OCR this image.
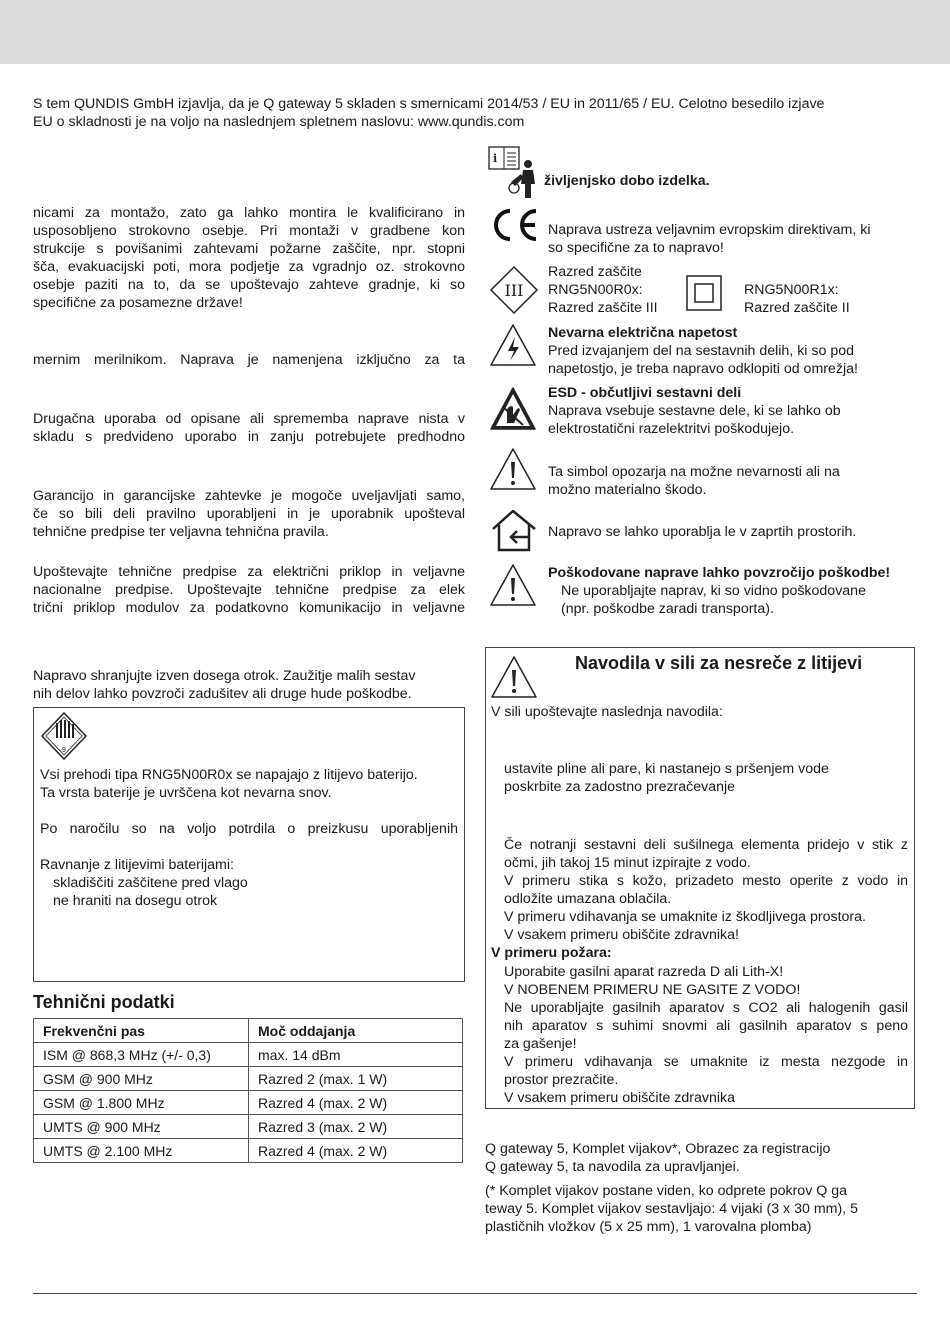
S tem QUNDIS GmbH izjavlja, da je Q gateway 5 skladen s smernicami 2014/53 / EU in 2011/65 / EU. Celotno besedilo izjave
EU o skladnosti je na voljo na naslednjem spletnem naslovu: www.qundis.com
nicami za montažo, zato ga lahko montira le kvalificirano in
usposobljeno strokovno osebje. Pri montaži v gradbene kon
strukcije s povišanimi zahtevami požarne zaščite, npr. stopni
šča, evakuacijski poti, mora podjetje za vgradnjo oz. strokovno
osebje paziti na to, da se upoštevajo zahteve gradnje, ki so
specifične za posamezne države!
mernim merilnikom. Naprava je namenjena izključno za ta
Drugačna uporaba od opisane ali sprememba naprave nista v
skladu s predvideno uporabo in zanju potrebujete predhodno
Garancijo in garancijske zahtevke je mogoče uveljavljati samo,
če so bili deli pravilno uporabljeni in je uporabnik upošteval
tehnične predpise ter veljavna tehnična pravila.
Upoštevajte tehnične predpise za električni priklop in veljavne
nacionalne predpise. Upoštevajte tehnične predpise za elek
trični priklop modulov za podatkovno komunikacijo in veljavne
Napravo shranjujte izven dosega otrok. Zaužitje malih sestav
nih delov lahko povzroči zadušitev ali druge hude poškodbe.
9
Vsi prehodi tipa RNG5N00R0x se napajajo z litijevo baterijo.
Ta vrsta baterije je uvrščena kot nevarna snov.
Po naročilu so na voljo potrdila o preizkusu uporabljenih
Ravnanje z litijevimi baterijami:
skladiščiti zaščitene pred vlago
ne hraniti na dosegu otrok
Tehnični podatki
Frekvenčni pas	Moč oddajanja
ISM @ 868,3 MHz (+/- 0,3)	max. 14 dBm
GSM @ 900 MHz	Razred 2 (max. 1 W)
GSM @ 1.800 MHz	Razred 4 (max. 2 W)
UMTS @ 900 MHz	Razred 3 (max. 2 W)
UMTS @ 2.100 MHz	Razred 4 (max. 2 W)
i
življenjsko dobo izdelka.
Naprava ustreza veljavnim evropskim direktivam, ki
so specifične za to napravo!
III
Razred zaščite
RNG5N00R0x:
Razred zaščite III
RNG5N00R1x:
Razred zaščite II
Nevarna električna napetost
Pred izvajanjem del na sestavnih delih, ki so pod
napetostjo, je treba napravo odklopiti od omrežja!
ESD - občutljivi sestavni deli
Naprava vsebuje sestavne dele, ki se lahko ob
elektrostatični razelektritvi poškodujejo.
Ta simbol opozarja na možne nevarnosti ali na
možno materialno škodo.
Napravo se lahko uporablja le v zaprtih prostorih.
Poškodovane naprave lahko povzročijo poškodbe!
Ne uporabljajte naprav, ki so vidno poškodovane
(npr. poškodbe zaradi transporta).
Navodila v sili za nesreče z litijevi
V sili upoštevajte naslednja navodila:
ustavite pline ali pare, ki nastanejo s pršenjem vode
poskrbite za zadostno prezračevanje
Če notranji sestavni deli sušilnega elementa pridejo v stik z
očmi, jih takoj 15 minut izpirajte z vodo.
V primeru stika s kožo, prizadeto mesto operite z vodo in
odložite umazana oblačila.
V primeru vdihavanja se umaknite iz škodljivega prostora.
V vsakem primeru obiščite zdravnika!
V primeru požara:
Uporabite gasilni aparat razreda D ali Lith-X!
V NOBENEM PRIMERU NE GASITE Z VODO!
Ne uporabljajte gasilnih aparatov s CO2 ali halogenih gasil
nih aparatov s suhimi snovmi ali gasilnih aparatov s peno
za gašenje!
V primeru vdihavanja se umaknite iz mesta nezgode in
prostor prezračite.
V vsakem primeru obiščite zdravnika
Q gateway 5, Komplet vijakov*, Obrazec za registracijo
Q gateway 5, ta navodila za upravljanjei.
(* Komplet vijakov postane viden, ko odprete pokrov Q ga
teway 5. Komplet vijakov sestavljajo: 4 vijaki (3 x 30 mm), 5
plastičnih vložkov (5 x 25 mm), 1 varovalna plomba)
